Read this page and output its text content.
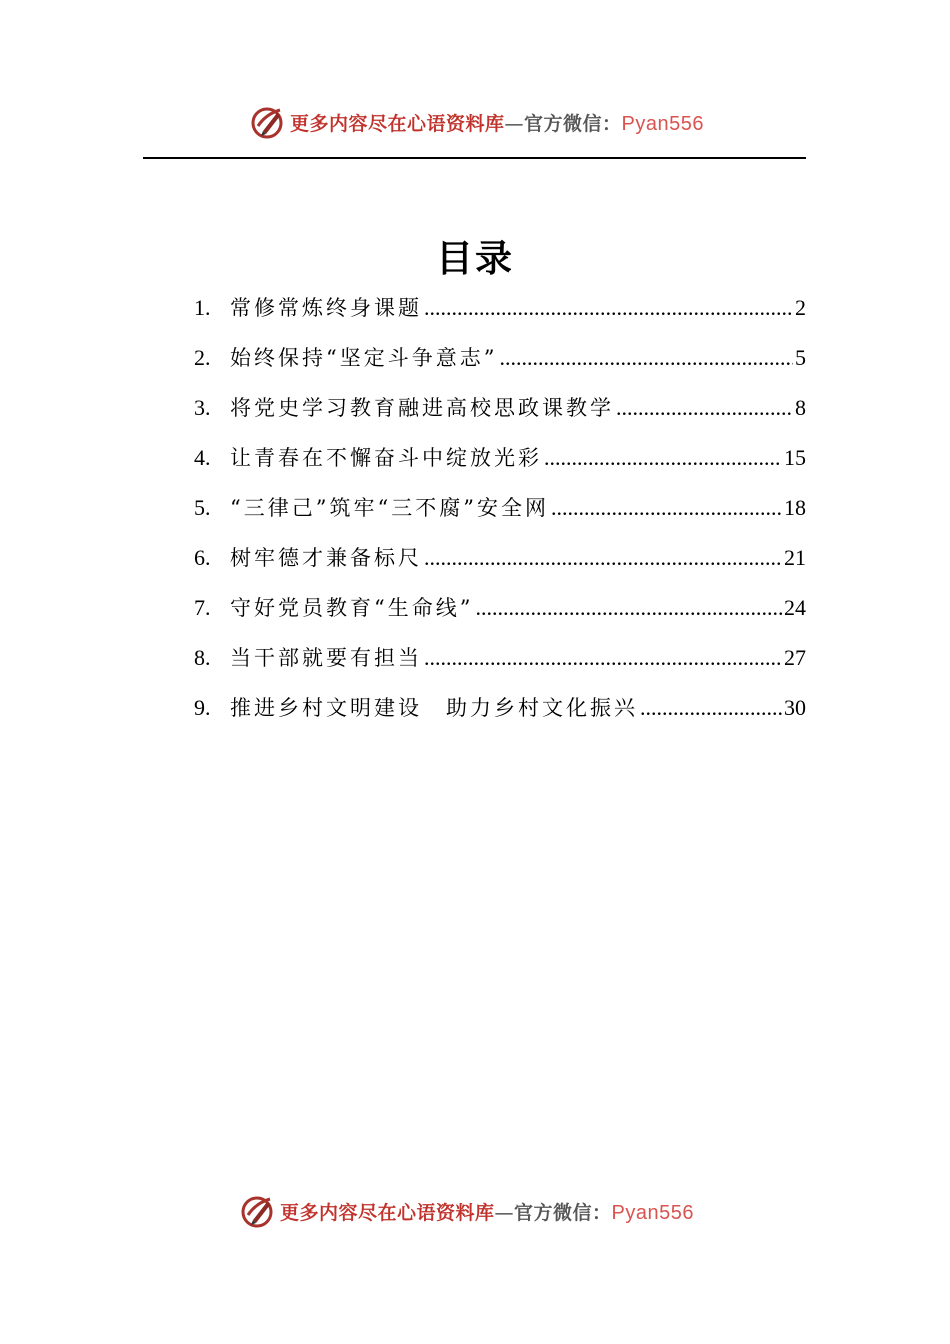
更多内容尽在心语资料库—官方微信：Pyan556
目录
1. 常修常炼终身课题 .....	2
2. 始终保持“坚定斗争意志” .....	5
3. 将党史学习教育融进高校思政课教学 .....	8
4. 让青春在不懈奋斗中绽放光彩 .....	15
5. “三律己”筑牢“三不腐”安全网 .....	18
6. 树牢德才兼备标尺 .....	21
7. 守好党员教育“生命线” .....	24
8. 当干部就要有担当 .....	27
9. 推进乡村文明建设　助力乡村文化振兴 .....	30
更多内容尽在心语资料库—官方微信：Pyan556
